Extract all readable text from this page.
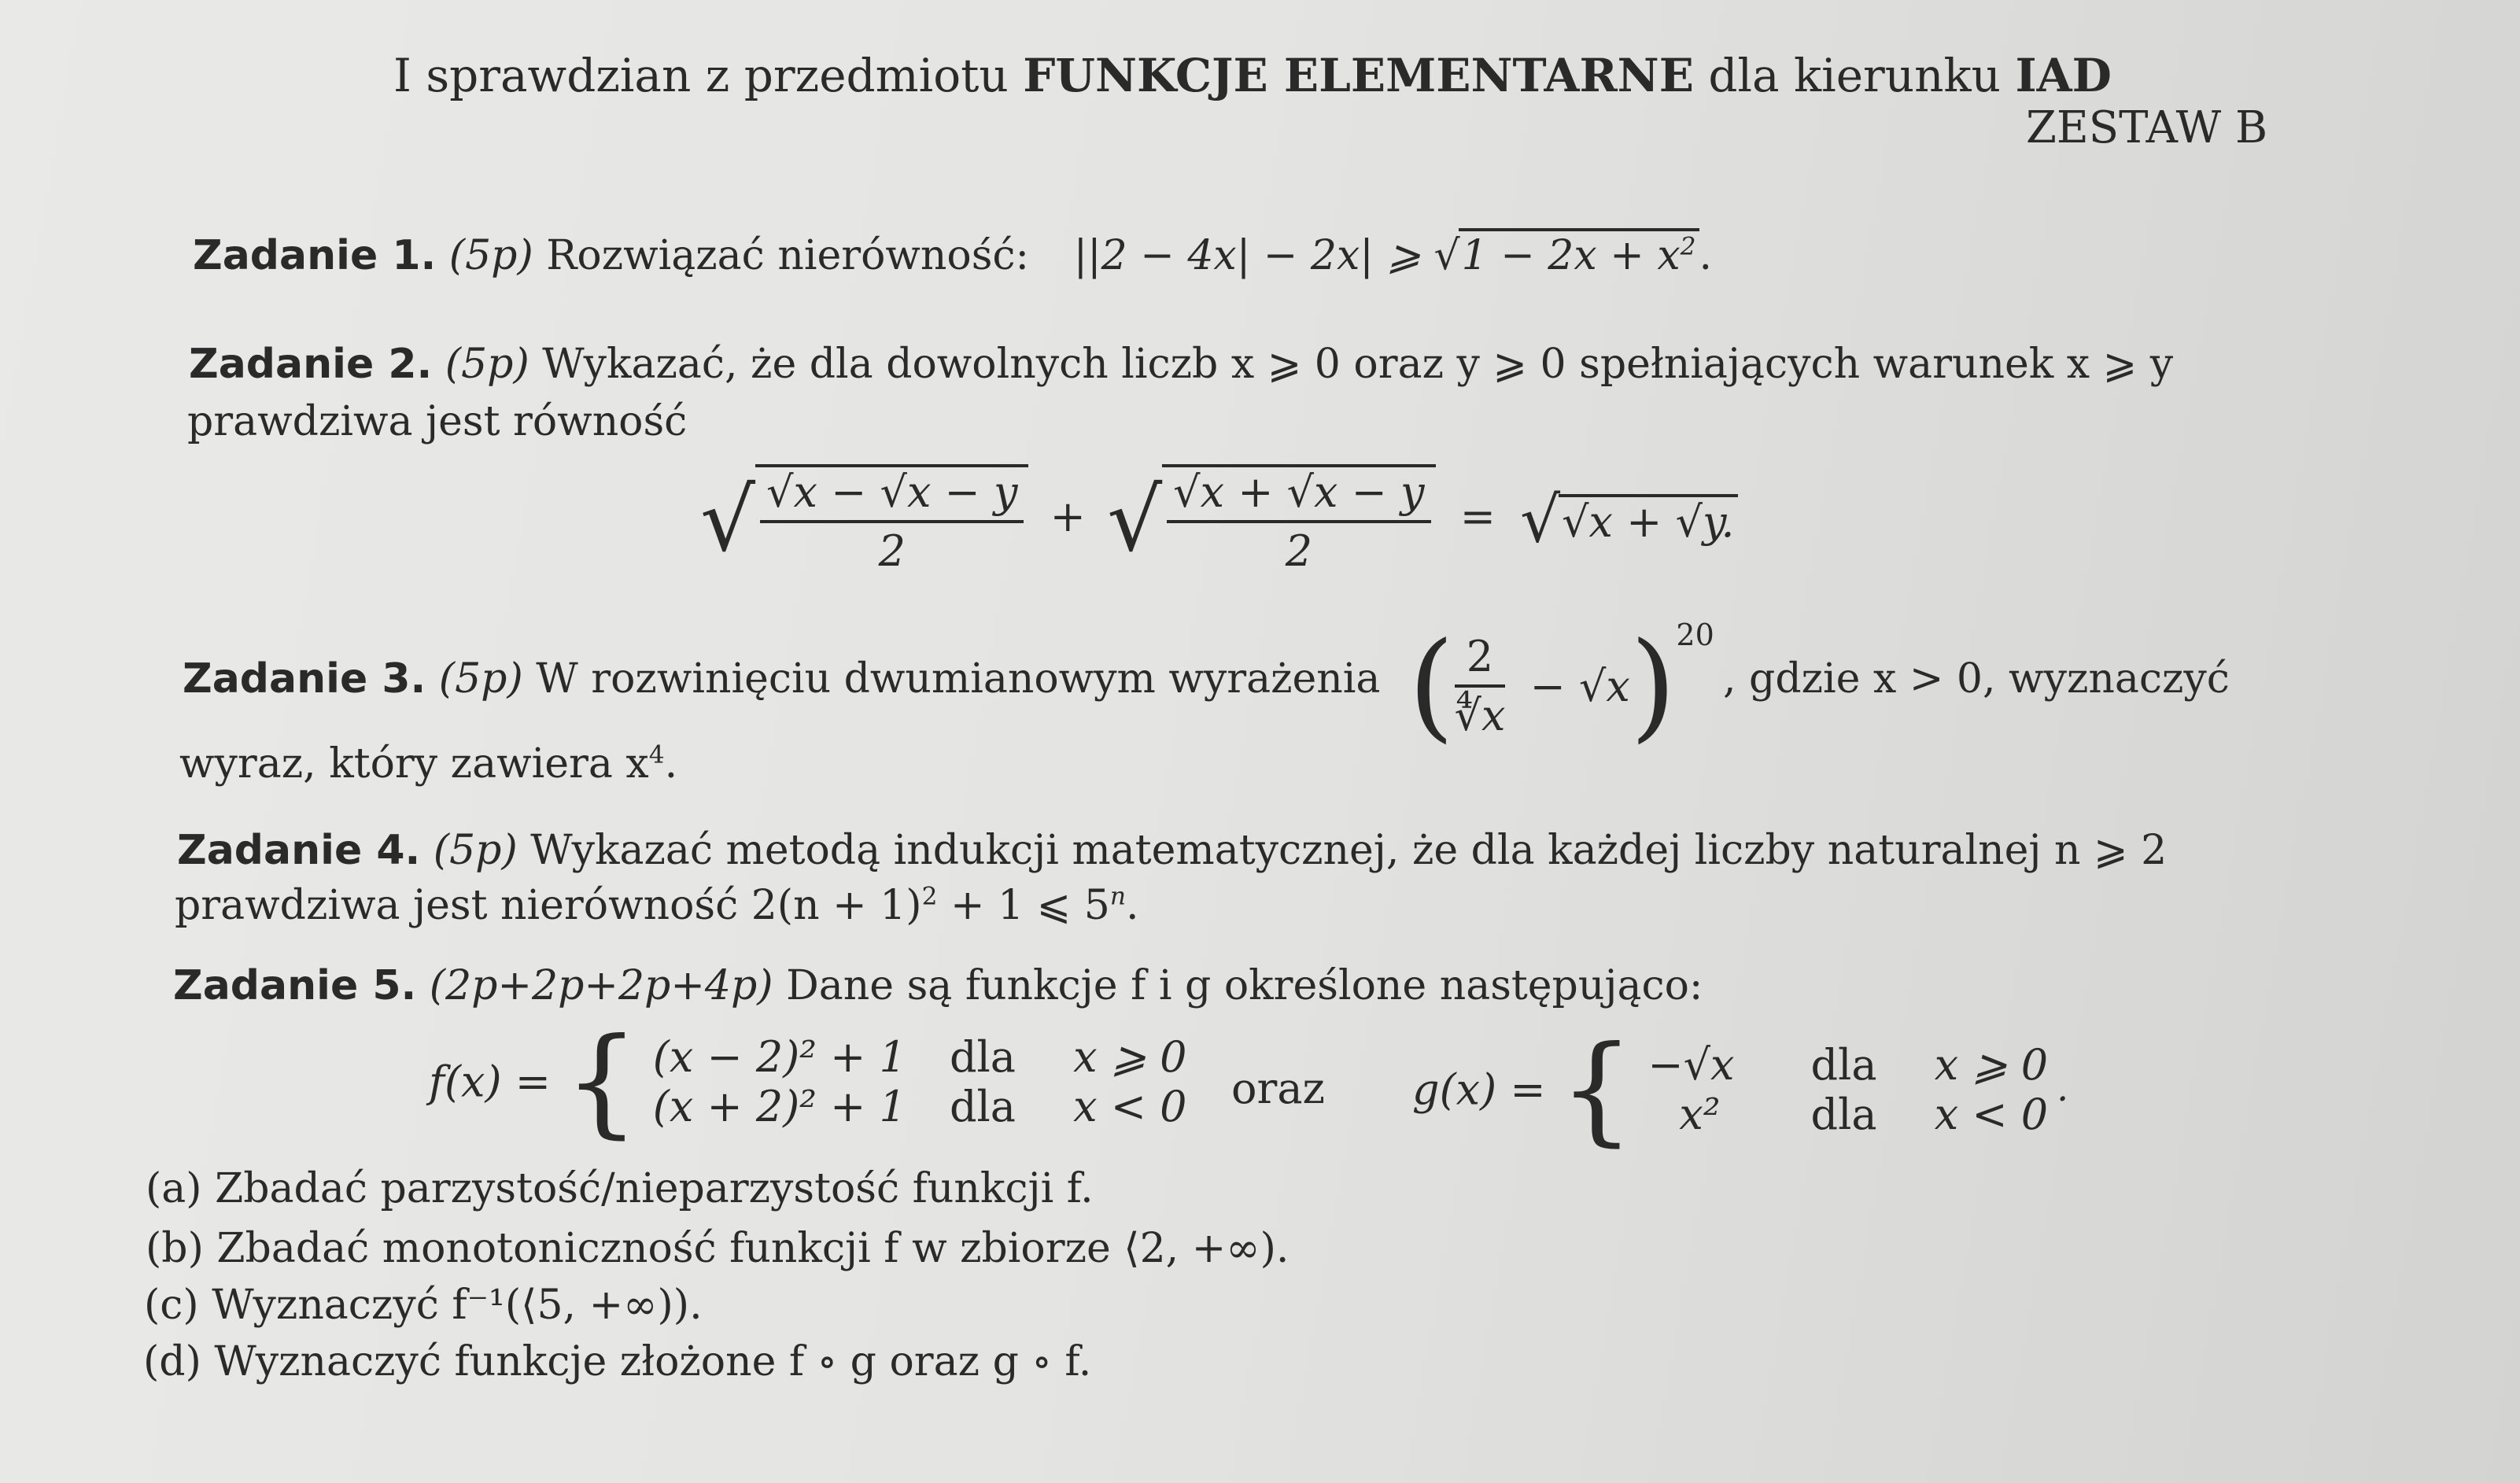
I sprawdzian z przedmiotu FUNKCJE ELEMENTARNE dla kierunku IAD
ZESTAW B
Zadanie 1. (5p) Rozwiązać nierówność: ||2 − 4x| − 2x| ⩾ $√1 - 2x + x^2$.
Zadanie 2. (5p) Wykazać, że dla dowolnych liczb x ⩾ 0 oraz y ⩾ 0 spełniających warunek x ⩾ y
prawdziwa jest równość
√ $\frac{√x - √x - y}{2}$ + √ $\frac{√x + √x - y}{2} = √√x + √y$.
Zadanie 3. (5p) W rozwinięciu dwumianowym wyrażenia ( $\frac{2}{∜x} - √x)^{20}$
, gdzie x > 0, wyznaczyć
wyraz, który zawiera $x^4$.
Zadanie 4. (5p) Wykazać metodą indukcji matematycznej, że dla każdej liczby naturalnej n ⩾ 2
prawdziwa jest nierówność $2(n + 1)^2 + 1$ ⩽ 5$^n$.
Zadanie 5. (2p+2p+2p+4p) Dane są funkcje f i g określone następująco:
f(x) = { (x − 2)² + 1 dla x ⩾ 0
(x + 2)² + 1 dla x < 0 oraz g(x) = { −√x dla x ⩾ 0
x² dla x < 0˙
(a) Zbadać parzystość/nieparzystość funkcji f.
(b) Zbadać monotoniczność funkcji f w zbiorze ⟨2, +∞).
(c) Wyznaczyć f⁻¹(⟨5, +∞)).
(d) Wyznaczyć funkcje złożone f ∘ g oraz g ∘ f.
